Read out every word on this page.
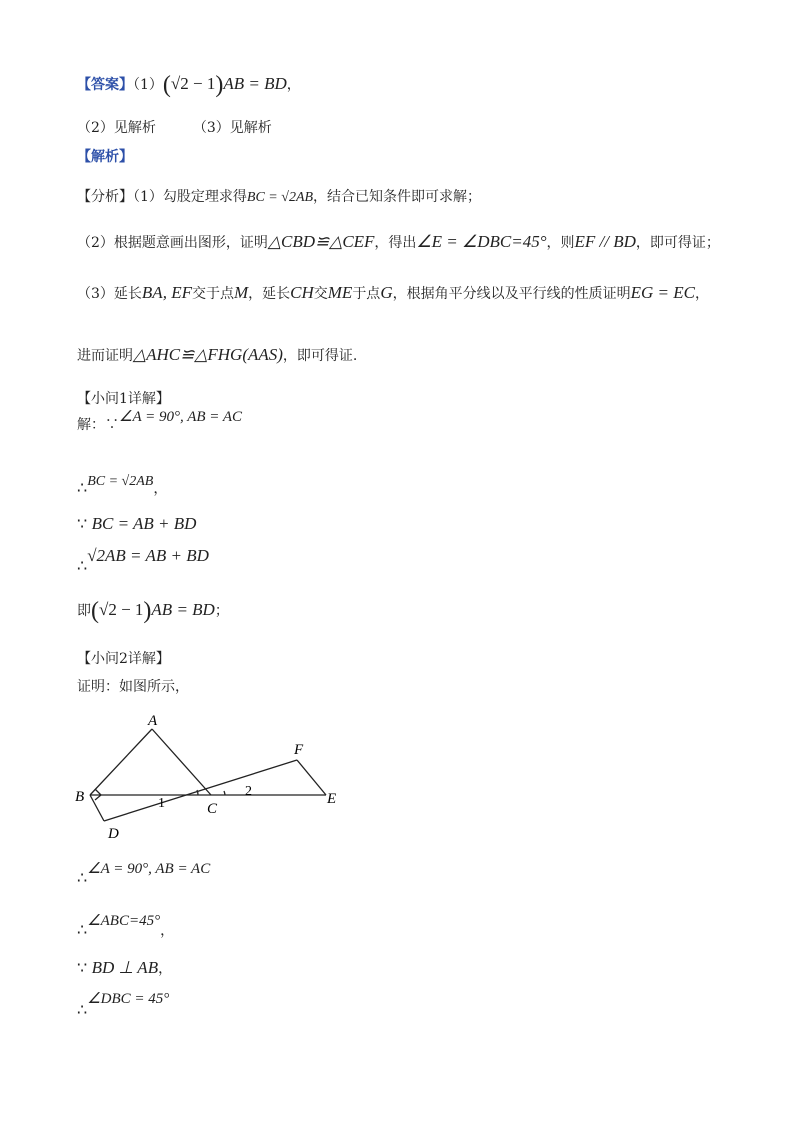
【答案】（1）(√2 − 1)AB = BD，
（2）见解析	（3）见解析
【解析】
【分析】（1）勾股定理求得BC = √2AB，结合已知条件即可求解；
（2）根据题意画出图形，证明△CBD≌△CEF，得出∠E = ∠DBC=45°，则EF // BD，即可得证；
（3）延长BA, EF交于点M，延长CH交ME于点G，根据角平分线以及平行线的性质证明EG = EC，
进而证明△AHC≌△FHG(AAS)，即可得证.
【小问1详解】
解：∵∠A = 90°, AB = AC
∴BC = √2AB，
∵ BC = AB + BD
∴√2AB = AB + BD
即(√2 − 1)AB = BD；
【小问2详解】
证明：如图所示，
A
B
C
D
E
F
1
2
∴∠A = 90°, AB = AC
∴∠ABC=45°，
∵ BD ⊥ AB，
∴∠DBC = 45°
